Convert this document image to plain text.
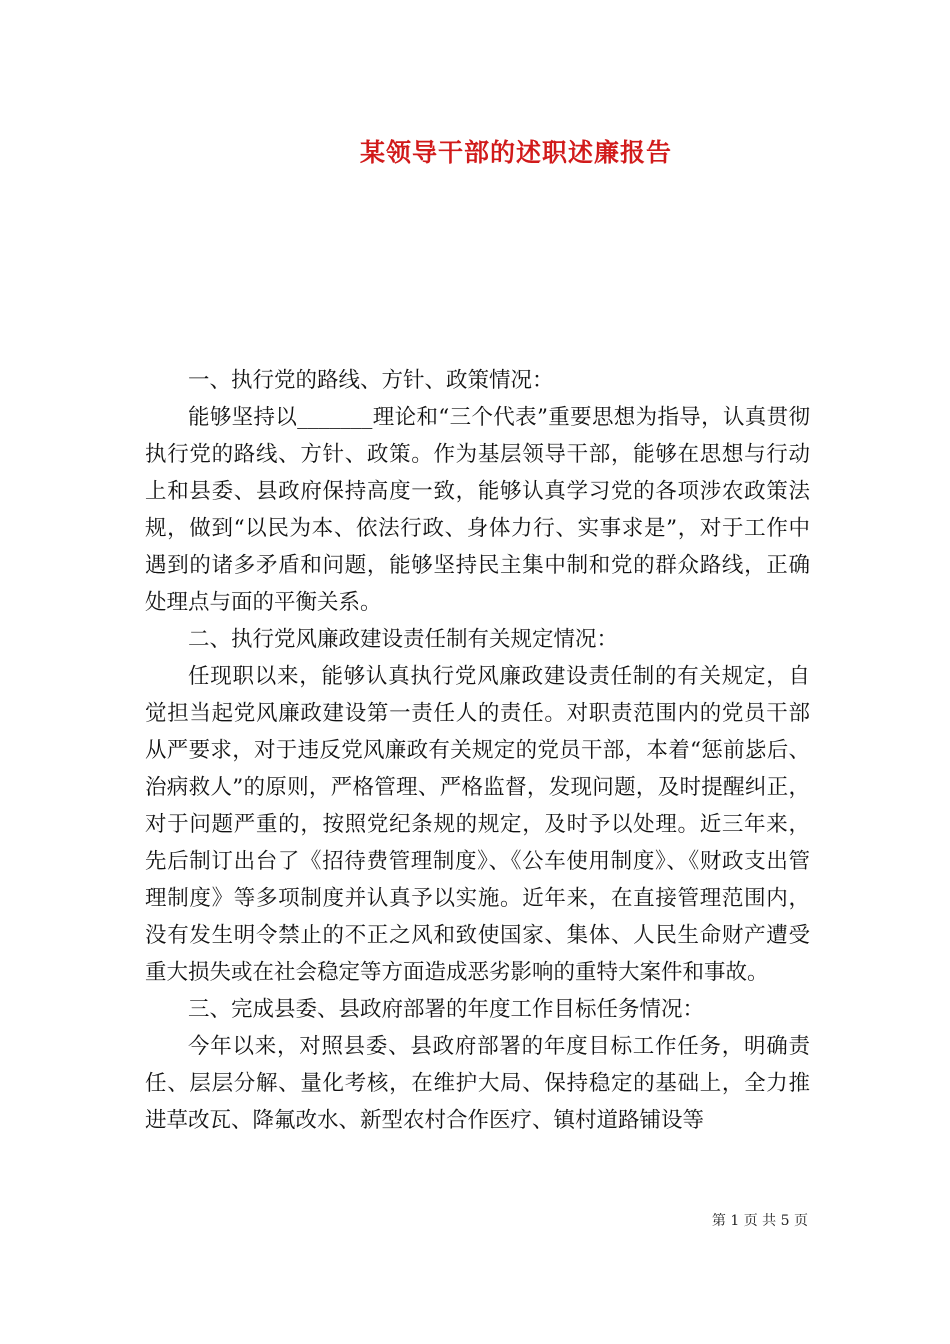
某领导干部的述职述廉报告

一、执行党的路线、方针、政策情况：

能够坚持以_______理论和“三个代表”重要思想为指导，认真贯彻执行党的路线、方针、政策。作为基层领导干部，能够在思想与行动上和县委、县政府保持高度一致，能够认真学习党的各项涉农政策法规，做到“以民为本、依法行政、身体力行、实事求是”，对于工作中遇到的诸多矛盾和问题，能够坚持民主集中制和党的群众路线，正确处理点与面的平衡关系。

二、执行党风廉政建设责任制有关规定情况：

任现职以来，能够认真执行党风廉政建设责任制的有关规定，自觉担当起党风廉政建设第一责任人的责任。对职责范围内的党员干部从严要求，对于违反党风廉政有关规定的党员干部，本着“惩前毖后、治病救人”的原则，严格管理、严格监督，发现问题，及时提醒纠正，对于问题严重的，按照党纪条规的规定，及时予以处理。近三年来，先后制订出台了《招待费管理制度》、《公车使用制度》、《财政支出管理制度》等多项制度并认真予以实施。近年来，在直接管理范围内，没有发生明令禁止的不正之风和致使国家、集体、人民生命财产遭受重大损失或在社会稳定等方面造成恶劣影响的重特大案件和事故。

三、完成县委、县政府部署的年度工作目标任务情况：

今年以来，对照县委、县政府部署的年度目标工作任务，明确责任、层层分解、量化考核，在维护大局、保持稳定的基础上，全力推进草改瓦、降氟改水、新型农村合作医疗、镇村道路铺设等

第 1 页 共 5 页
